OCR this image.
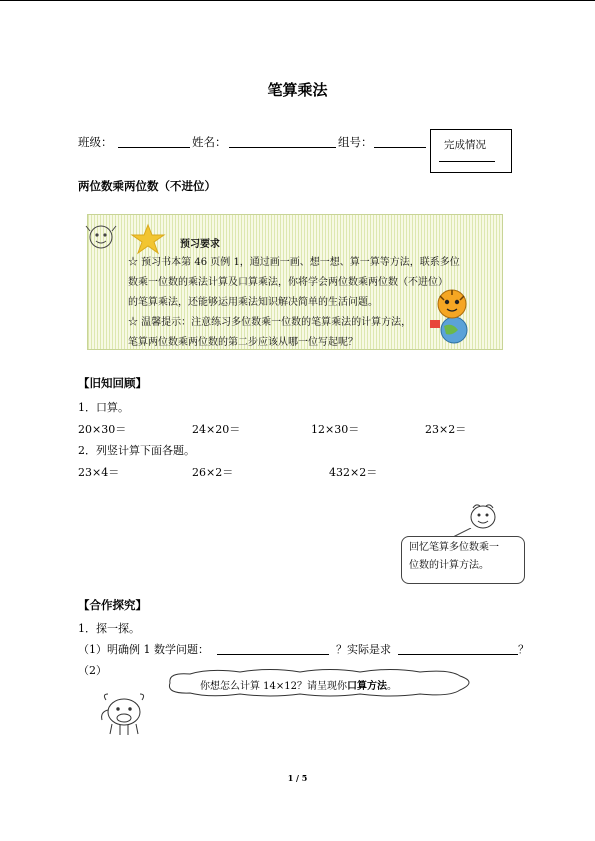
笔算乘法
班级：	姓名：	组号：	完成情况
两位数乘两位数（不进位）
预习要求
☆ 预习书本第 46 页例 1，通过画一画、想一想、算一算等方法，联系多位
数乘一位数的乘法计算及口算乘法，你将学会两位数乘两位数（不进位）
的笔算乘法，还能够运用乘法知识解决简单的生活问题。
☆ 温馨提示：注意练习多位数乘一位数的笔算乘法的计算方法，
笔算两位数乘两位数的第二步应该从哪一位写起呢？
【旧知回顾】
1．口算。
20×30＝	24×20＝	12×30＝	23×2＝
2．列竖计算下面各题。
23×4＝	26×2＝	432×2＝
回忆笔算多位数乘一
位数的计算方法。
【合作探究】
1．探一探。
（1）明确例 1 数学问题：	？实际是求	？
（2）
你想怎么计算 14×12？请呈现你口算方法。
1 / 5
